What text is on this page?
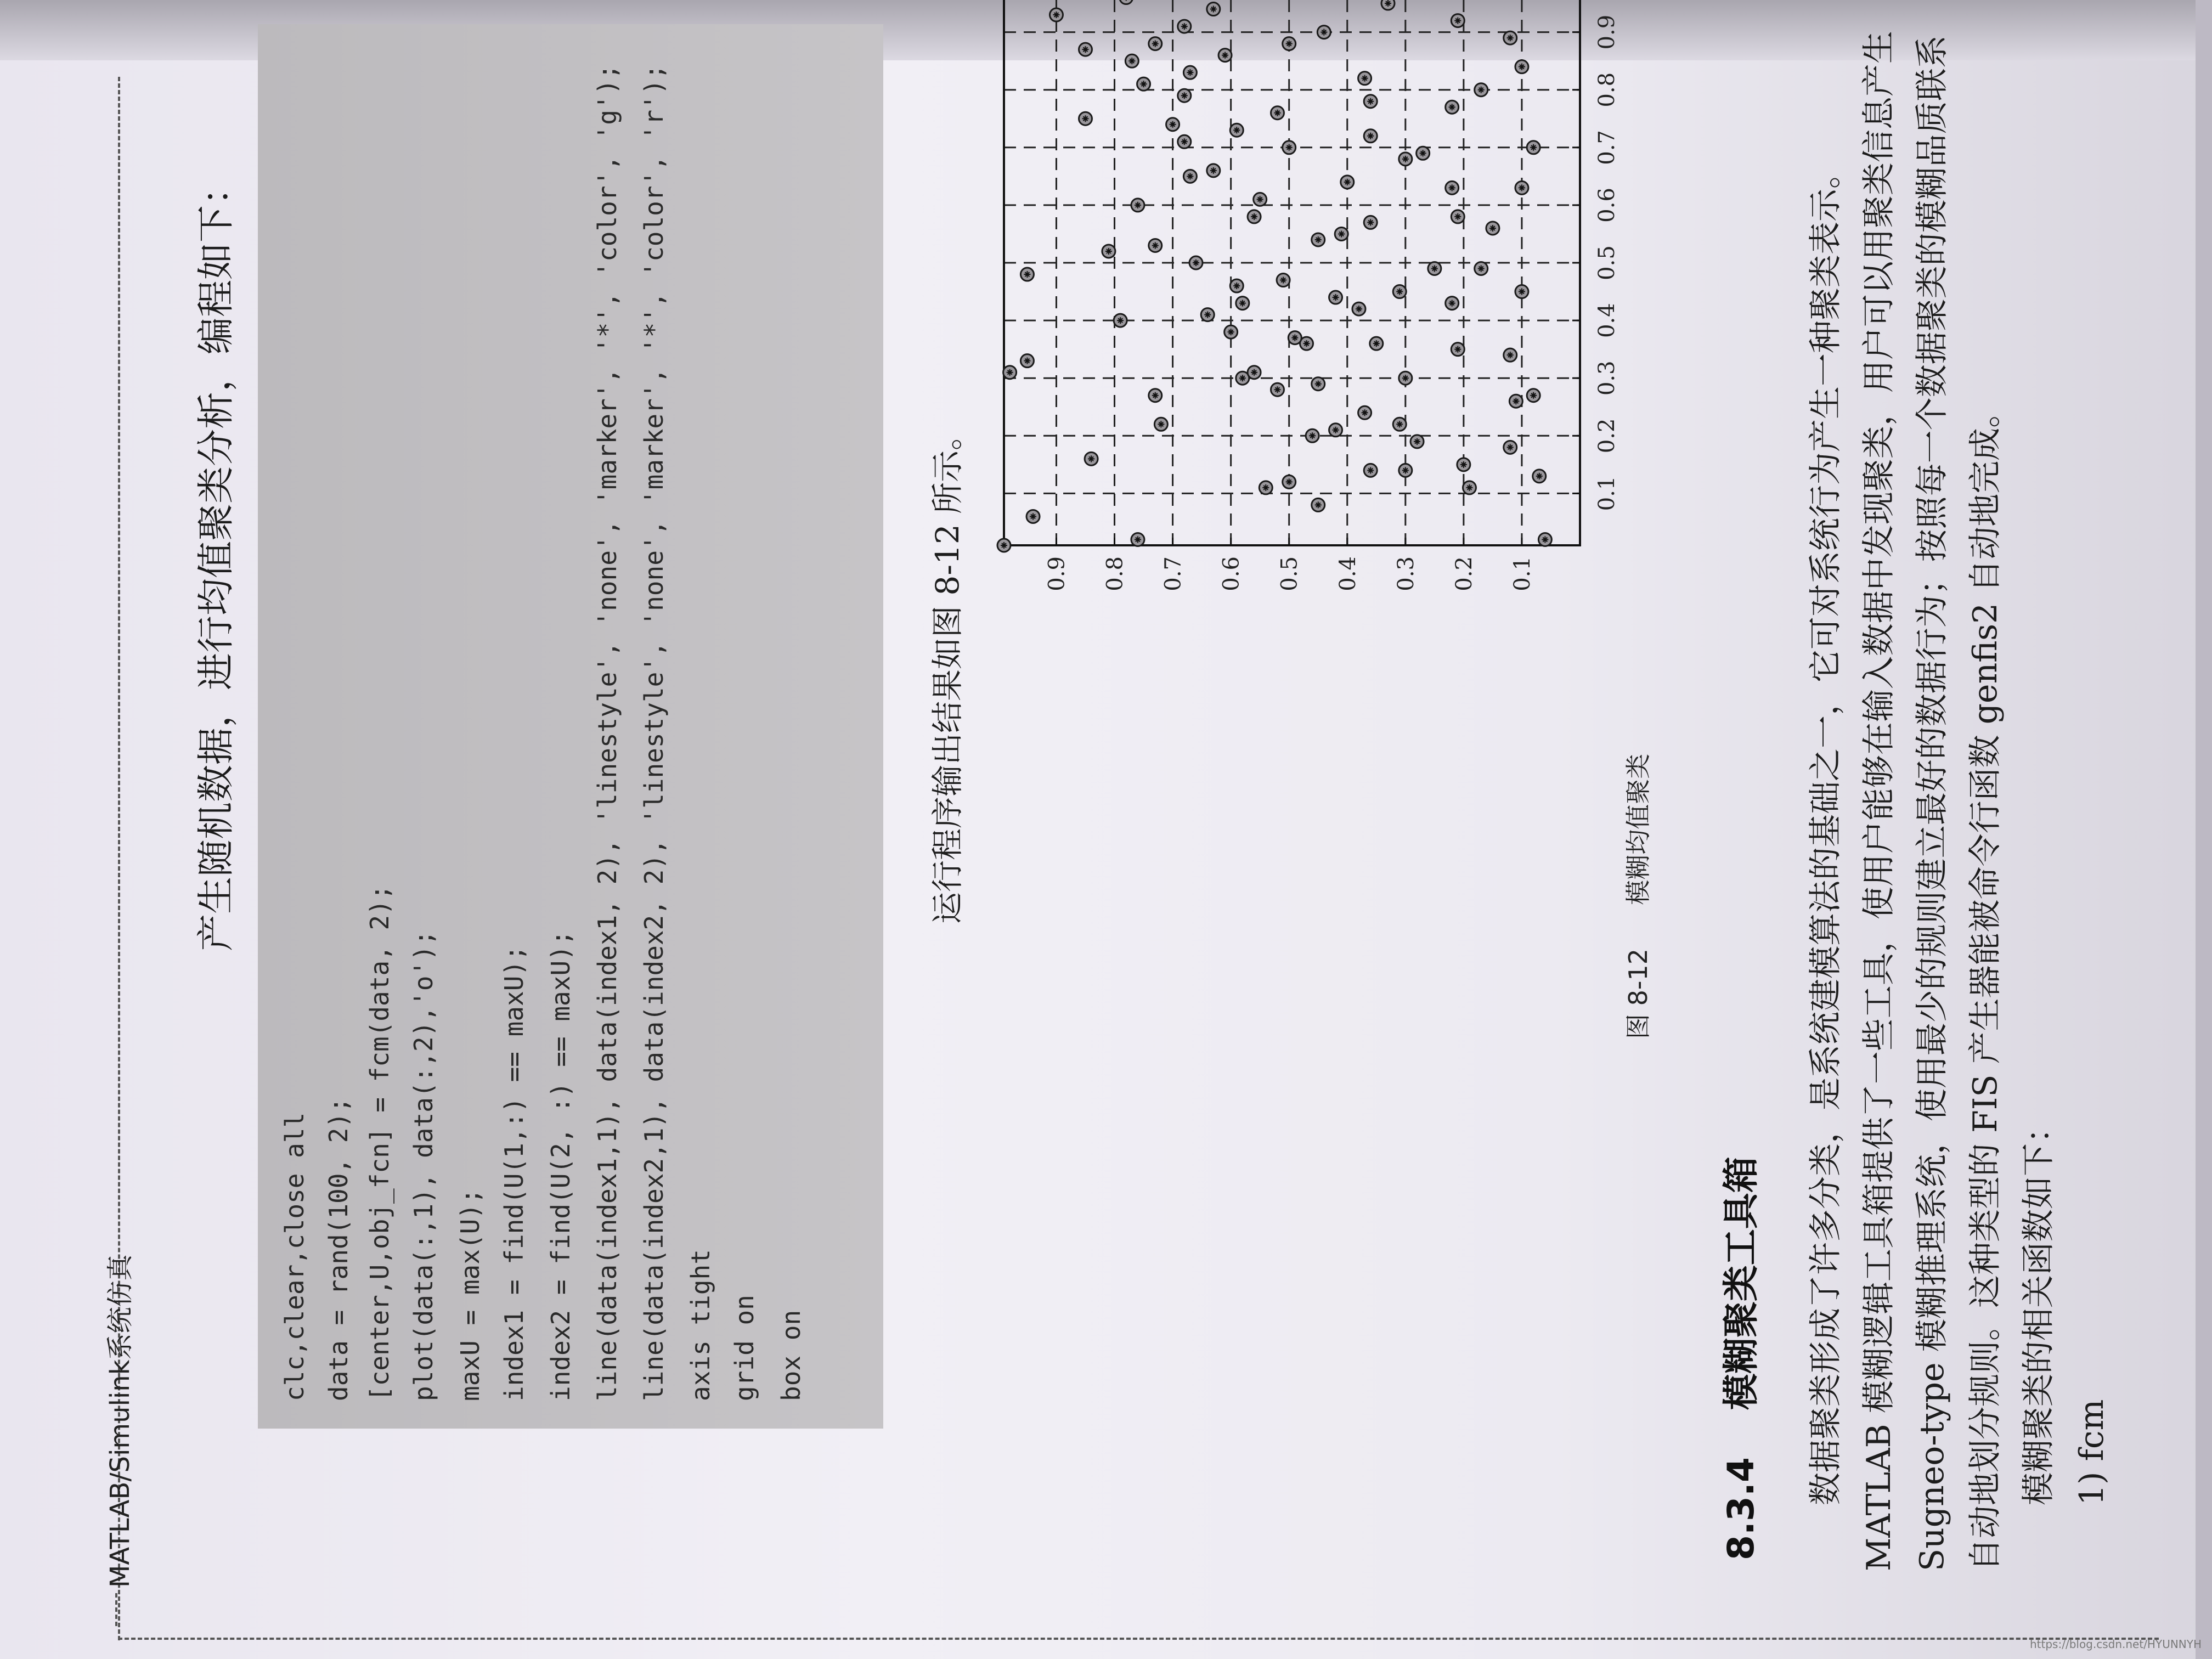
MATLAB/Simulink系统仿真
产生随机数据，进行均值聚类分析，编程如下：
clc,clear,close all data = rand(100, 2); [center,U,obj_fcn] = fcm(data, 2); plot(data(:,1), data(:,2),'o'); maxU = max(U); index1 = find(U(1,:) == maxU); index2 = find(U(2, :) == maxU); line(data(index1,1), data(index1, 2), 'linestyle', 'none', 'marker', '*', 'color', 'g'); line(data(index2,1), data(index2, 2), 'linestyle', 'none', 'marker', '*', 'color', 'r'); axis tight grid on box on
运行程序输出结果如图 8-12 所示。	0.1
0.2
0.3
0.4
0.5
0.6
0.7
0.8
0.9
0.1
0.2
0.3
0.4
0.5
0.6
0.7
0.8
0.9
图 8-12  模糊均值聚类
8.3.4  模糊聚类工具箱 数据聚类形成了许多分类，是系统建模算法的基础之一，它可对系统行为产生一种聚类表示。MATLAB 模糊逻辑工具箱提供了一些工具，使用户能够在输入数据中发现聚类，用户可以用聚类信息产生 Sugneo-type 模糊推理系统，使用最少的规则建立最好的数据行为；按照每一个数据聚类的模糊品质联系自动地划分规则。这种类型的 FIS 产生器能被命令行函数 genfis2 自动地完成。 模糊聚类的相关函数如下： 1) fcm

https://blog.csdn.net/HYUNNYH
